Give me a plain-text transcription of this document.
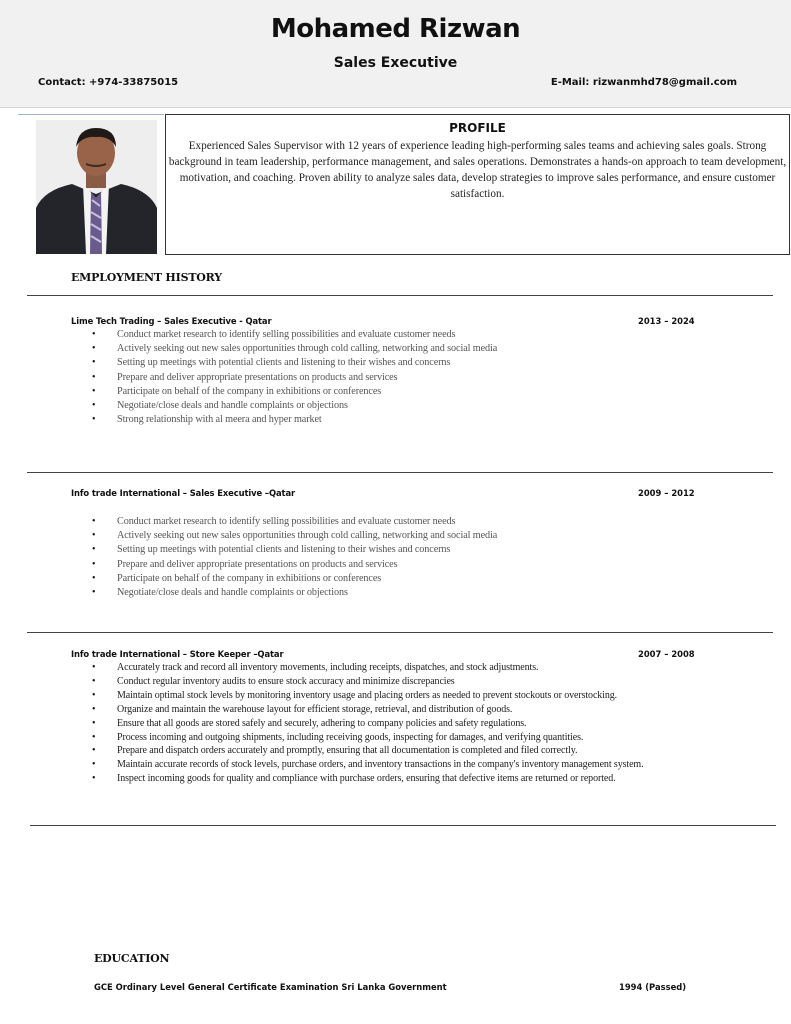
Mohamed Rizwan
Sales Executive
Contact: +974-33875015	E-Mail: rizwanmhd78@gmail.com
PROFILE
Experienced Sales Supervisor with 12 years of experience leading high-performing sales teams and achieving sales goals. Strong background in team leadership, performance management, and sales operations. Demonstrates a hands-on approach to team development, motivation, and coaching. Proven ability to analyze sales data, develop strategies to improve sales performance, and ensure customer satisfaction.
EMPLOYMENT HISTORY
Lime Tech Trading – Sales Executive - Qatar	2013 – 2024
• Conduct market research to identify selling possibilities and evaluate customer needs
• Actively seeking out new sales opportunities through cold calling, networking and social media
• Setting up meetings with potential clients and listening to their wishes and concerns
• Prepare and deliver appropriate presentations on products and services
• Participate on behalf of the company in exhibitions or conferences
• Negotiate/close deals and handle complaints or objections
• Strong relationship with al meera and hyper market
Info trade International – Sales Executive –Qatar	2009 – 2012
• Conduct market research to identify selling possibilities and evaluate customer needs
• Actively seeking out new sales opportunities through cold calling, networking and social media
• Setting up meetings with potential clients and listening to their wishes and concerns
• Prepare and deliver appropriate presentations on products and services
• Participate on behalf of the company in exhibitions or conferences
• Negotiate/close deals and handle complaints or objections
Info trade International – Store Keeper –Qatar	2007 – 2008
• Accurately track and record all inventory movements, including receipts, dispatches, and stock adjustments.
• Conduct regular inventory audits to ensure stock accuracy and minimize discrepancies
• Maintain optimal stock levels by monitoring inventory usage and placing orders as needed to prevent stockouts or overstocking.
• Organize and maintain the warehouse layout for efficient storage, retrieval, and distribution of goods.
• Ensure that all goods are stored safely and securely, adhering to company policies and safety regulations.
• Process incoming and outgoing shipments, including receiving goods, inspecting for damages, and verifying quantities.
• Prepare and dispatch orders accurately and promptly, ensuring that all documentation is completed and filed correctly.
• Maintain accurate records of stock levels, purchase orders, and inventory transactions in the company's inventory management system.
• Inspect incoming goods for quality and compliance with purchase orders, ensuring that defective items are returned or reported.
EDUCATION
GCE Ordinary Level General Certificate Examination Sri Lanka Government	1994 (Passed)
